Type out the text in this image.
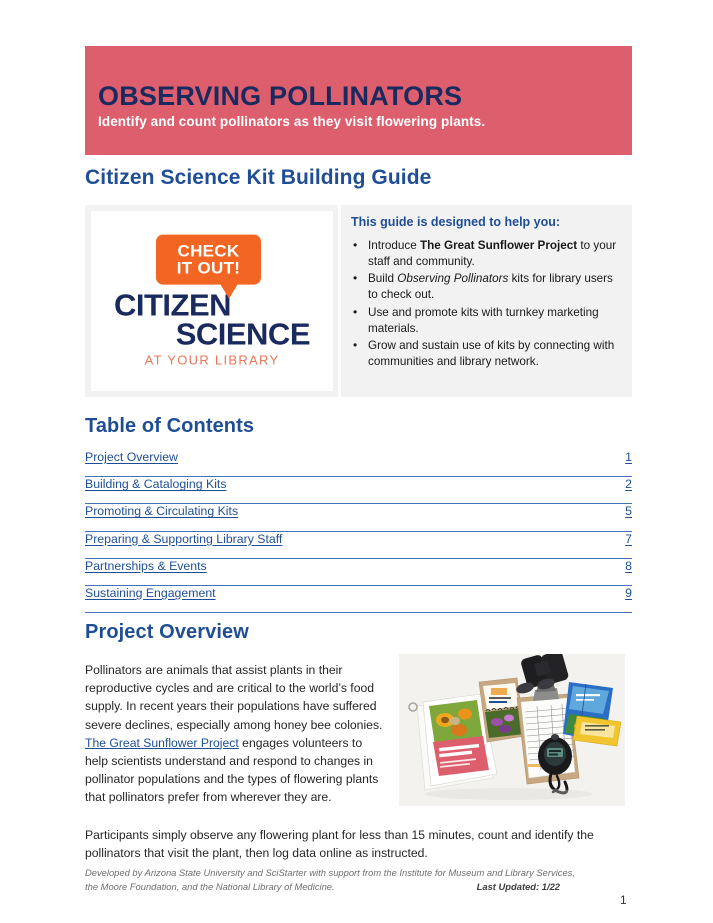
OBSERVING POLLINATORS
Identify and count pollinators as they visit flowering plants.
Citizen Science Kit Building Guide
CHECK
IT OUT!
CITIZEN
SCIENCE
AT YOUR LIBRARY
This guide is designed to help you:
• Introduce The Great Sunflower Project to your staff and community.
• Build Observing Pollinators kits for library users to check out.
• Use and promote kits with turnkey marketing materials.
• Grow and sustain use of kits by connecting with communities and library network.
Table of Contents
Project Overview	1
Building & Cataloging Kits	2
Promoting & Circulating Kits	5
Preparing & Supporting Library Staff	7
Partnerships & Events	8
Sustaining Engagement	9
Project Overview
Pollinators are animals that assist plants in their reproductive cycles and are critical to the world’s food supply. In recent years their populations have suffered severe declines, especially among honey bee colonies. The Great Sunflower Project engages volunteers to help scientists understand and respond to changes in pollinator populations and the types of flowering plants that pollinators prefer from wherever they are.
Participants simply observe any flowering plant for less than 15 minutes, count and identify the pollinators that visit the plant, then log data online as instructed.
Developed by Arizona State University and SciStarter with support from the Institute for Museum and Library Services,
the Moore Foundation, and the National Library of Medicine.	Last Updated: 1/22
1
